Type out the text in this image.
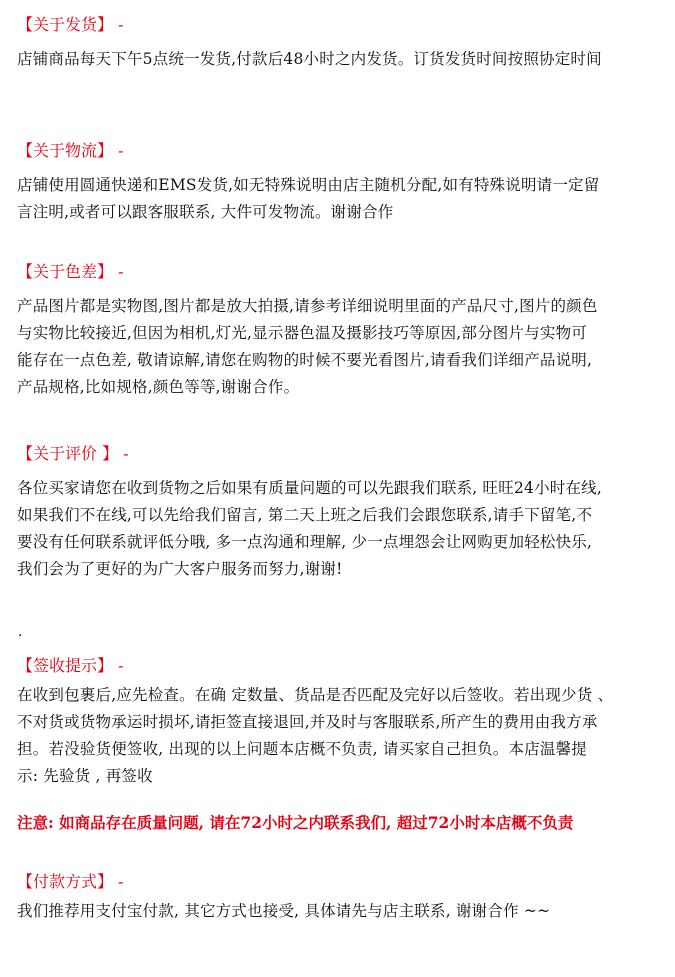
【关于发货】 -
店铺商品每天下午5点统一发货,付款后48小时之内发货。订货发货时间按照协定时间
【关于物流】 -
店铺使用圆通快递和EMS发货,如无特殊说明由店主随机分配,如有特殊说明请一定留
言注明,或者可以跟客服联系, 大件可发物流。谢谢合作
【关于色差】 -
产品图片都是实物图,图片都是放大拍摄,请参考详细说明里面的产品尺寸,图片的颜色
与实物比较接近,但因为相机,灯光,显示器色温及摄影技巧等原因,部分图片与实物可
能存在一点色差, 敬请谅解,请您在购物的时候不要光看图片,请看我们详细产品说明,
产品规格,比如规格,颜色等等,谢谢合作。
【关于评价 】 -
各位买家请您在收到货物之后如果有质量问题的可以先跟我们联系, 旺旺24小时在线,
如果我们不在线,可以先给我们留言, 第二天上班之后我们会跟您联系,请手下留笔,不
要没有任何联系就评低分哦, 多一点沟通和理解, 少一点埋怨会让网购更加轻松快乐,
我们会为了更好的为广大客户服务而努力,谢谢!
.
【签收提示】 -
在收到包裹后,应先检查。在确 定数量、货品是否匹配及完好以后签收。若出现少货 、
不对货或货物承运时损坏,请拒签直接退回,并及时与客服联系,所产生的费用由我方承
担。若没验货便签收, 出现的以上问题本店概不负责, 请买家自己担负。本店温馨提
示: 先验货 , 再签收
注意: 如商品存在质量问题, 请在72小时之内联系我们, 超过72小时本店概不负责
【付款方式】 -
我们推荐用支付宝付款, 其它方式也接受, 具体请先与店主联系, 谢谢合作 ~~
